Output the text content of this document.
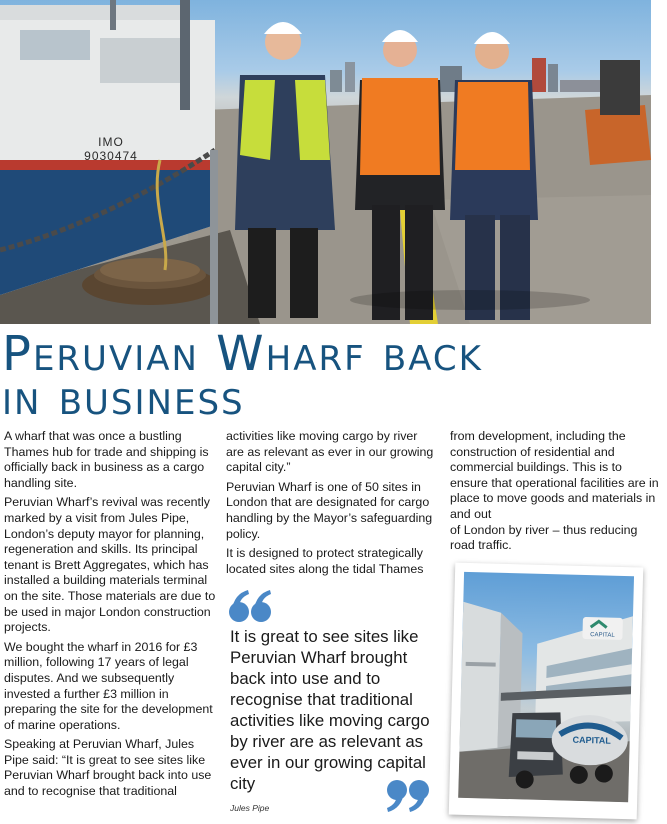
IMO
9030474
Peruvian Wharf back
in business

A wharf that was once a bustling Thames hub for trade and shipping is officially back in business as a cargo handling site.

Peruvian Wharf’s revival was recently marked by a visit from Jules Pipe, London’s deputy mayor for planning, regeneration and skills. Its principal tenant is Brett Aggregates, which has installed a building materials terminal on the site. Those materials are due to be used in major London construction projects.

We bought the wharf in 2016 for £3 million, following 17 years of legal disputes. And we subsequently invested a further £3 million in preparing the site for the development of marine operations.

Speaking at Peruvian Wharf, Jules Pipe said: “It is great to see sites like Peruvian Wharf brought back into use and to recognise that traditional

activities like moving cargo by river are as relevant as ever in our growing capital city.”

Peruvian Wharf is one of 50 sites in London that are designated for cargo handling by the Mayor’s safeguarding policy.

It is designed to protect strategically located sites along the tidal Thames

It is great to see sites like Peruvian Wharf brought back into use and to recognise that traditional activities like moving cargo by river are as relevant as ever in our growing capital city

Jules Pipe

from development, including the construction of residential and commercial buildings. This is to ensure that operational facilities are in place to move goods and materials in and out

of London by river – thus reducing road traffic.

CAPITAL
CAPITAL
